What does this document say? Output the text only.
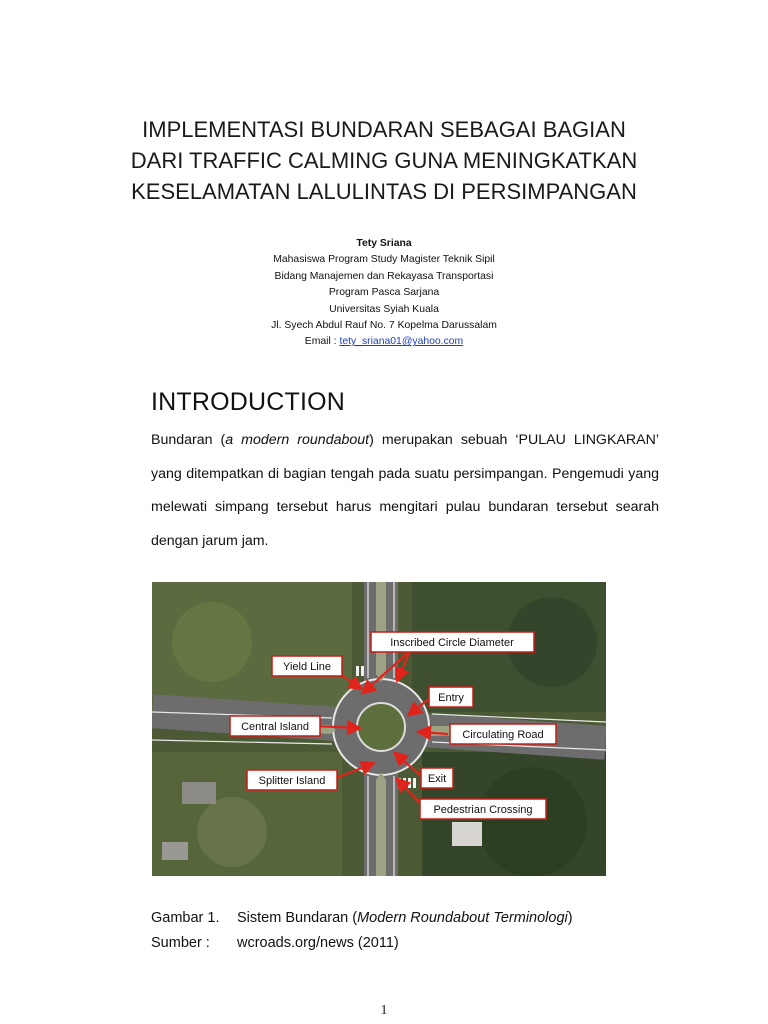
IMPLEMENTASI BUNDARAN SEBAGAI BAGIAN
DARI TRAFFIC CALMING GUNA MENINGKATKAN
KESELAMATAN LALULINTAS DI PERSIMPANGAN
Tety Sriana
Mahasiswa Program Study Magister Teknik Sipil
Bidang Manajemen dan Rekayasa Transportasi
Program Pasca Sarjana
Universitas Syiah Kuala
Jl. Syech Abdul Rauf No. 7 Kopelma Darussalam
Email : tety_sriana01@yahoo.com
INTRODUCTION

Bundaran (a modern roundabout) merupakan sebuah ‘PULAU LINGKARAN’ yang ditempatkan di bagian tengah pada suatu persimpangan. Pengemudi yang melewati simpang tersebut harus mengitari pulau bundaran tersebut searah dengan jarum jam.

Inscribed Circle Diameter
Yield Line
Entry
Central Island
Circulating Road
Splitter Island	Exit
Pedestrian Crossing
Gambar 1. Sistem Bundaran (Modern Roundabout Terminologi)
Sumber : wcroads.org/news (2011)
1
